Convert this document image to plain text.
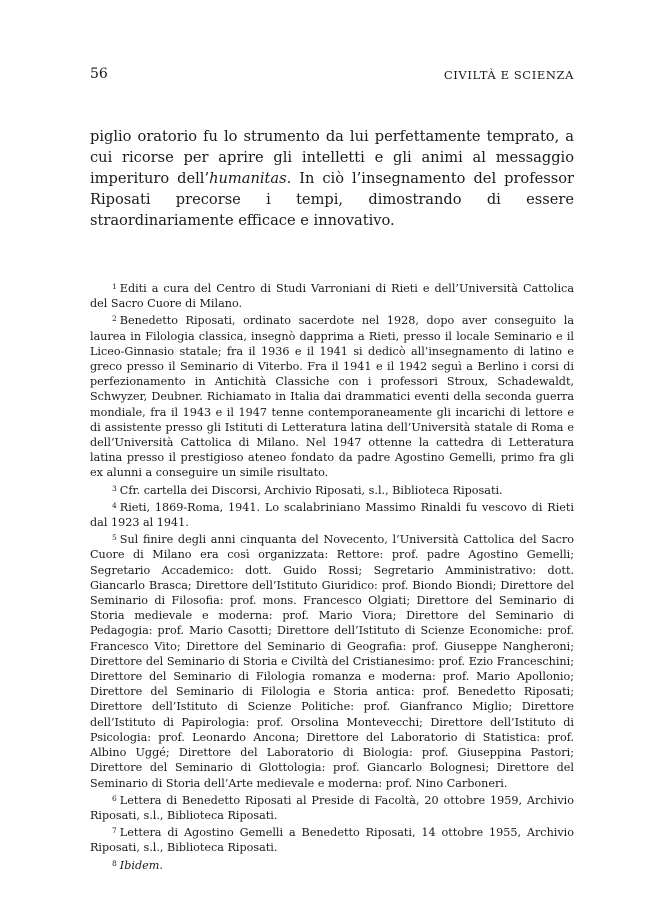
56	CIVILTÀ E SCIENZA

piglio oratorio fu lo strumento da lui perfettamente temprato, a cui ricorse per aprire gli intelletti e gli animi al messaggio imperituro dell’humanitas. In ciò l’insegnamento del professor Riposati precorse i tempi, dimostrando di essere straordinariamente efficace e innovativo.

$^1$ Editi a cura del Centro di Studi Varroniani di Rieti e dell’Università Cattolica del Sacro Cuore di Milano.

$^2$ Benedetto Riposati, ordinato sacerdote nel 1928, dopo aver conseguito la laurea in Filologia classica, insegnò dapprima a Rieti, presso il locale Seminario e il Liceo-Ginnasio statale; fra il 1936 e il 1941 si dedicò all’insegnamento di latino e greco presso il Seminario di Viterbo. Fra il 1941 e il 1942 seguì a Berlino i corsi di perfezionamento in Antichità Classiche con i professori Stroux, Schadewaldt, Schwyzer, Deubner. Richiamato in Italia dai drammatici eventi della seconda guerra mondiale, fra il 1943 e il 1947 tenne contemporaneamente gli incarichi di lettore e di assistente presso gli Istituti di Letteratura latina dell’Università statale di Roma e dell’Università Cattolica di Milano. Nel 1947 ottenne la cattedra di Letteratura latina presso il prestigioso ateneo fondato da padre Agostino Gemelli, primo fra gli ex alunni a conseguire un simile risultato.

$^3$ Cfr. cartella dei Discorsi, Archivio Riposati, s.l., Biblioteca Riposati.

$^4$ Rieti, 1869-Roma, 1941. Lo scalabriniano Massimo Rinaldi fu vescovo di Rieti dal 1923 al 1941.

$^5$ Sul finire degli anni cinquanta del Novecento, l’Università Cattolica del Sacro Cuore di Milano era così organizzata: Rettore: prof. padre Agostino Gemelli; Segretario Accademico: dott. Guido Rossi; Segretario Amministrativo: dott. Giancarlo Brasca; Direttore dell’Istituto Giuridico: prof. Biondo Biondi; Direttore del Seminario di Filosofia: prof. mons. Francesco Olgiati; Direttore del Seminario di Storia medievale e moderna: prof. Mario Viora; Direttore del Seminario di Pedagogia: prof. Mario Casotti; Direttore dell’Istituto di Scienze Economiche: prof. Francesco Vito; Direttore del Seminario di Geografia: prof. Giuseppe Nangheroni; Direttore del Seminario di Storia e Civiltà del Cristianesimo: prof. Ezio Franceschini; Direttore del Seminario di Filologia romanza e moderna: prof. Mario Apollonio; Direttore del Seminario di Filologia e Storia antica: prof. Benedetto Riposati; Direttore dell’Istituto di Scienze Politiche: prof. Gianfranco Miglio; Direttore dell’Istituto di Papirologia: prof. Orsolina Montevecchi; Direttore dell’Istituto di Psicologia: prof. Leonardo Ancona; Direttore del Laboratorio di Statistica: prof. Albino Uggé; Direttore del Laboratorio di Biologia: prof. Giuseppina Pastori; Direttore del Seminario di Glottologia: prof. Giancarlo Bolognesi; Direttore del Seminario di Storia dell’Arte medievale e moderna: prof. Nino Carboneri.

$^6$ Lettera di Benedetto Riposati al Preside di Facoltà, 20 ottobre 1959, Archivio Riposati, s.l., Biblioteca Riposati.

$^7$ Lettera di Agostino Gemelli a Benedetto Riposati, 14 ottobre 1955, Archivio Riposati, s.l., Biblioteca Riposati.

$^8$ Ibidem.
